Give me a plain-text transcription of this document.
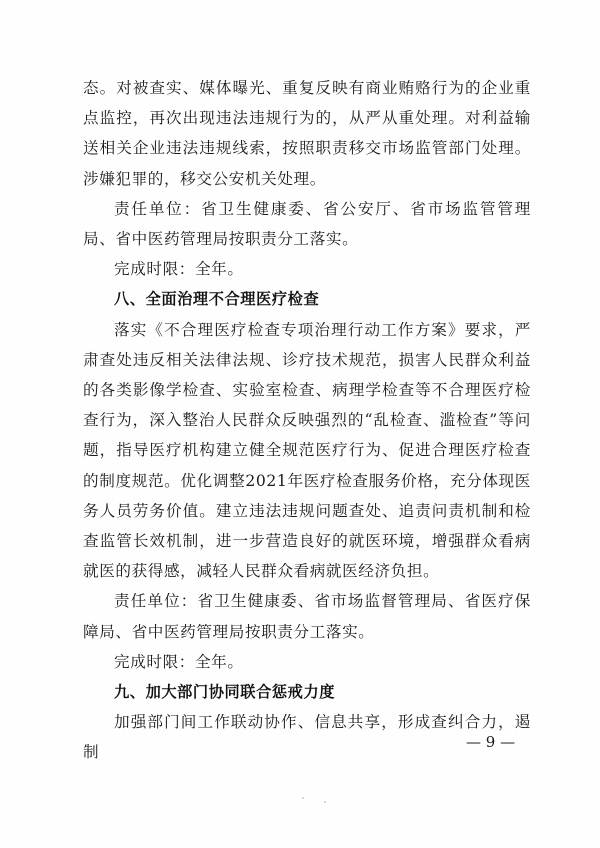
态。对被查实、媒体曝光、重复反映有商业贿赂行为的企业重点监控，再次出现违法违规行为的，从严从重处理。对利益输送相关企业违法违规线索，按照职责移交市场监管部门处理。涉嫌犯罪的，移交公安机关处理。

责任单位：省卫生健康委、省公安厅、省市场监管管理局、省中医药管理局按职责分工落实。

完成时限：全年。

八、全面治理不合理医疗检查

落实《不合理医疗检查专项治理行动工作方案》要求，严肃查处违反相关法律法规、诊疗技术规范，损害人民群众利益的各类影像学检查、实验室检查、病理学检查等不合理医疗检查行为，深入整治人民群众反映强烈的“乱检查、滥检查”等问题，指导医疗机构建立健全规范医疗行为、促进合理医疗检查的制度规范。优化调整2021年医疗检查服务价格，充分体现医务人员劳务价值。建立违法违规问题查处、追责问责机制和检查监管长效机制，进一步营造良好的就医环境，增强群众看病就医的获得感，减轻人民群众看病就医经济负担。

责任单位：省卫生健康委、省市场监督管理局、省医疗保障局、省中医药管理局按职责分工落实。

完成时限：全年。

九、加大部门协同联合惩戒力度

加强部门间工作联动协作、信息共享，形成查纠合力，遏制

— 9 —
